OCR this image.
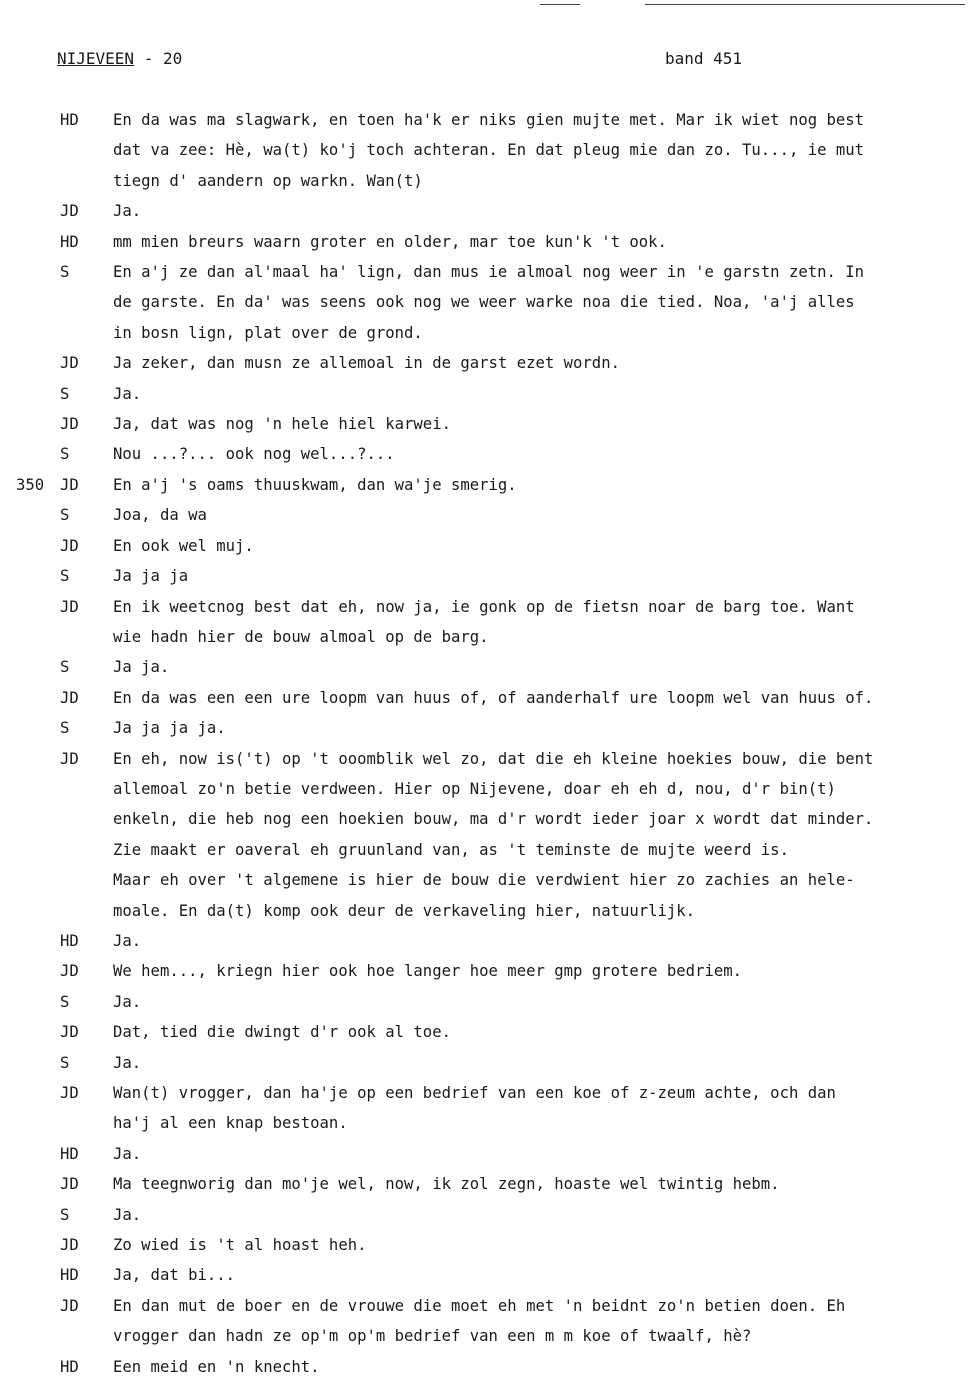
NIJEVEEN - 20	band 451
HD En da was ma slagwark, en toen ha'k er niks gien mujte met. Mar ik wiet nog best
dat va zee: Hè, wa(t) ko'j toch achteran. En dat pleug mie dan zo. Tu..., ie mut
tiegn d' aandern op warkn. Wan(t)
JD Ja.
HD mm mien breurs waarn groter en older, mar toe kun'k 't ook.
S	En a'j ze dan al'maal ha' lign, dan mus ie almoal nog weer in 'e garstn zetn. In
de garste. En da' was seens ook nog we weer warke noa die tied. Noa, 'a'j alles
in bosn lign, plat over de grond.
JD Ja zeker, dan musn ze allemoal in de garst ezet wordn.
S	Ja.
JD Ja, dat was nog 'n hele hiel karwei.
S	Nou ...?... ook nog wel...?...
350 JD En a'j 's oams thuuskwam, dan wa'je smerig.
S	Joa, da wa
JD En ook wel muj.
S	Ja ja ja
JD En ik weetcnog best dat eh, now ja, ie gonk op de fietsn noar de barg toe. Want
wie hadn hier de bouw almoal op de barg.
S	Ja ja.
JD En da was een een ure loopm van huus of, of aanderhalf ure loopm wel van huus of.
S	Ja ja ja ja.
JD En eh, now is('t) op 't ooomblik wel zo, dat die eh kleine hoekies bouw, die bent
allemoal zo'n betie verdween. Hier op Nijevene, doar eh eh d, nou, d'r bin(t)
enkeln, die heb nog een hoekien bouw, ma d'r wordt ieder joar x wordt dat minder.
Zie maakt er oaveral eh gruunland van, as 't teminste de mujte weerd is.
Maar eh over 't algemene is hier de bouw die verdwient hier zo zachies an hele-
moale. En da(t) komp ook deur de verkaveling hier, natuurlijk.
HD Ja.
JD We hem..., kriegn hier ook hoe langer hoe meer gmp grotere bedriem.
S	Ja.
JD Dat, tied die dwingt d'r ook al toe.
S	Ja.
JD Wan(t) vrogger, dan ha'je op een bedrief van een koe of z-zeum achte, och dan
ha'j al een knap bestoan.
HD Ja.
JD Ma teegnworig dan mo'je wel, now, ik zol zegn, hoaste wel twintig hebm.
S	Ja.
JD Zo wied is 't al hoast heh.
HD Ja, dat bi...
JD En dan mut de boer en de vrouwe die moet eh met 'n beidnt zo'n betien doen. Eh
vrogger dan hadn ze op'm op'm bedrief van een m m koe of twaalf, hè?
HD Een meid en 'n knecht.
